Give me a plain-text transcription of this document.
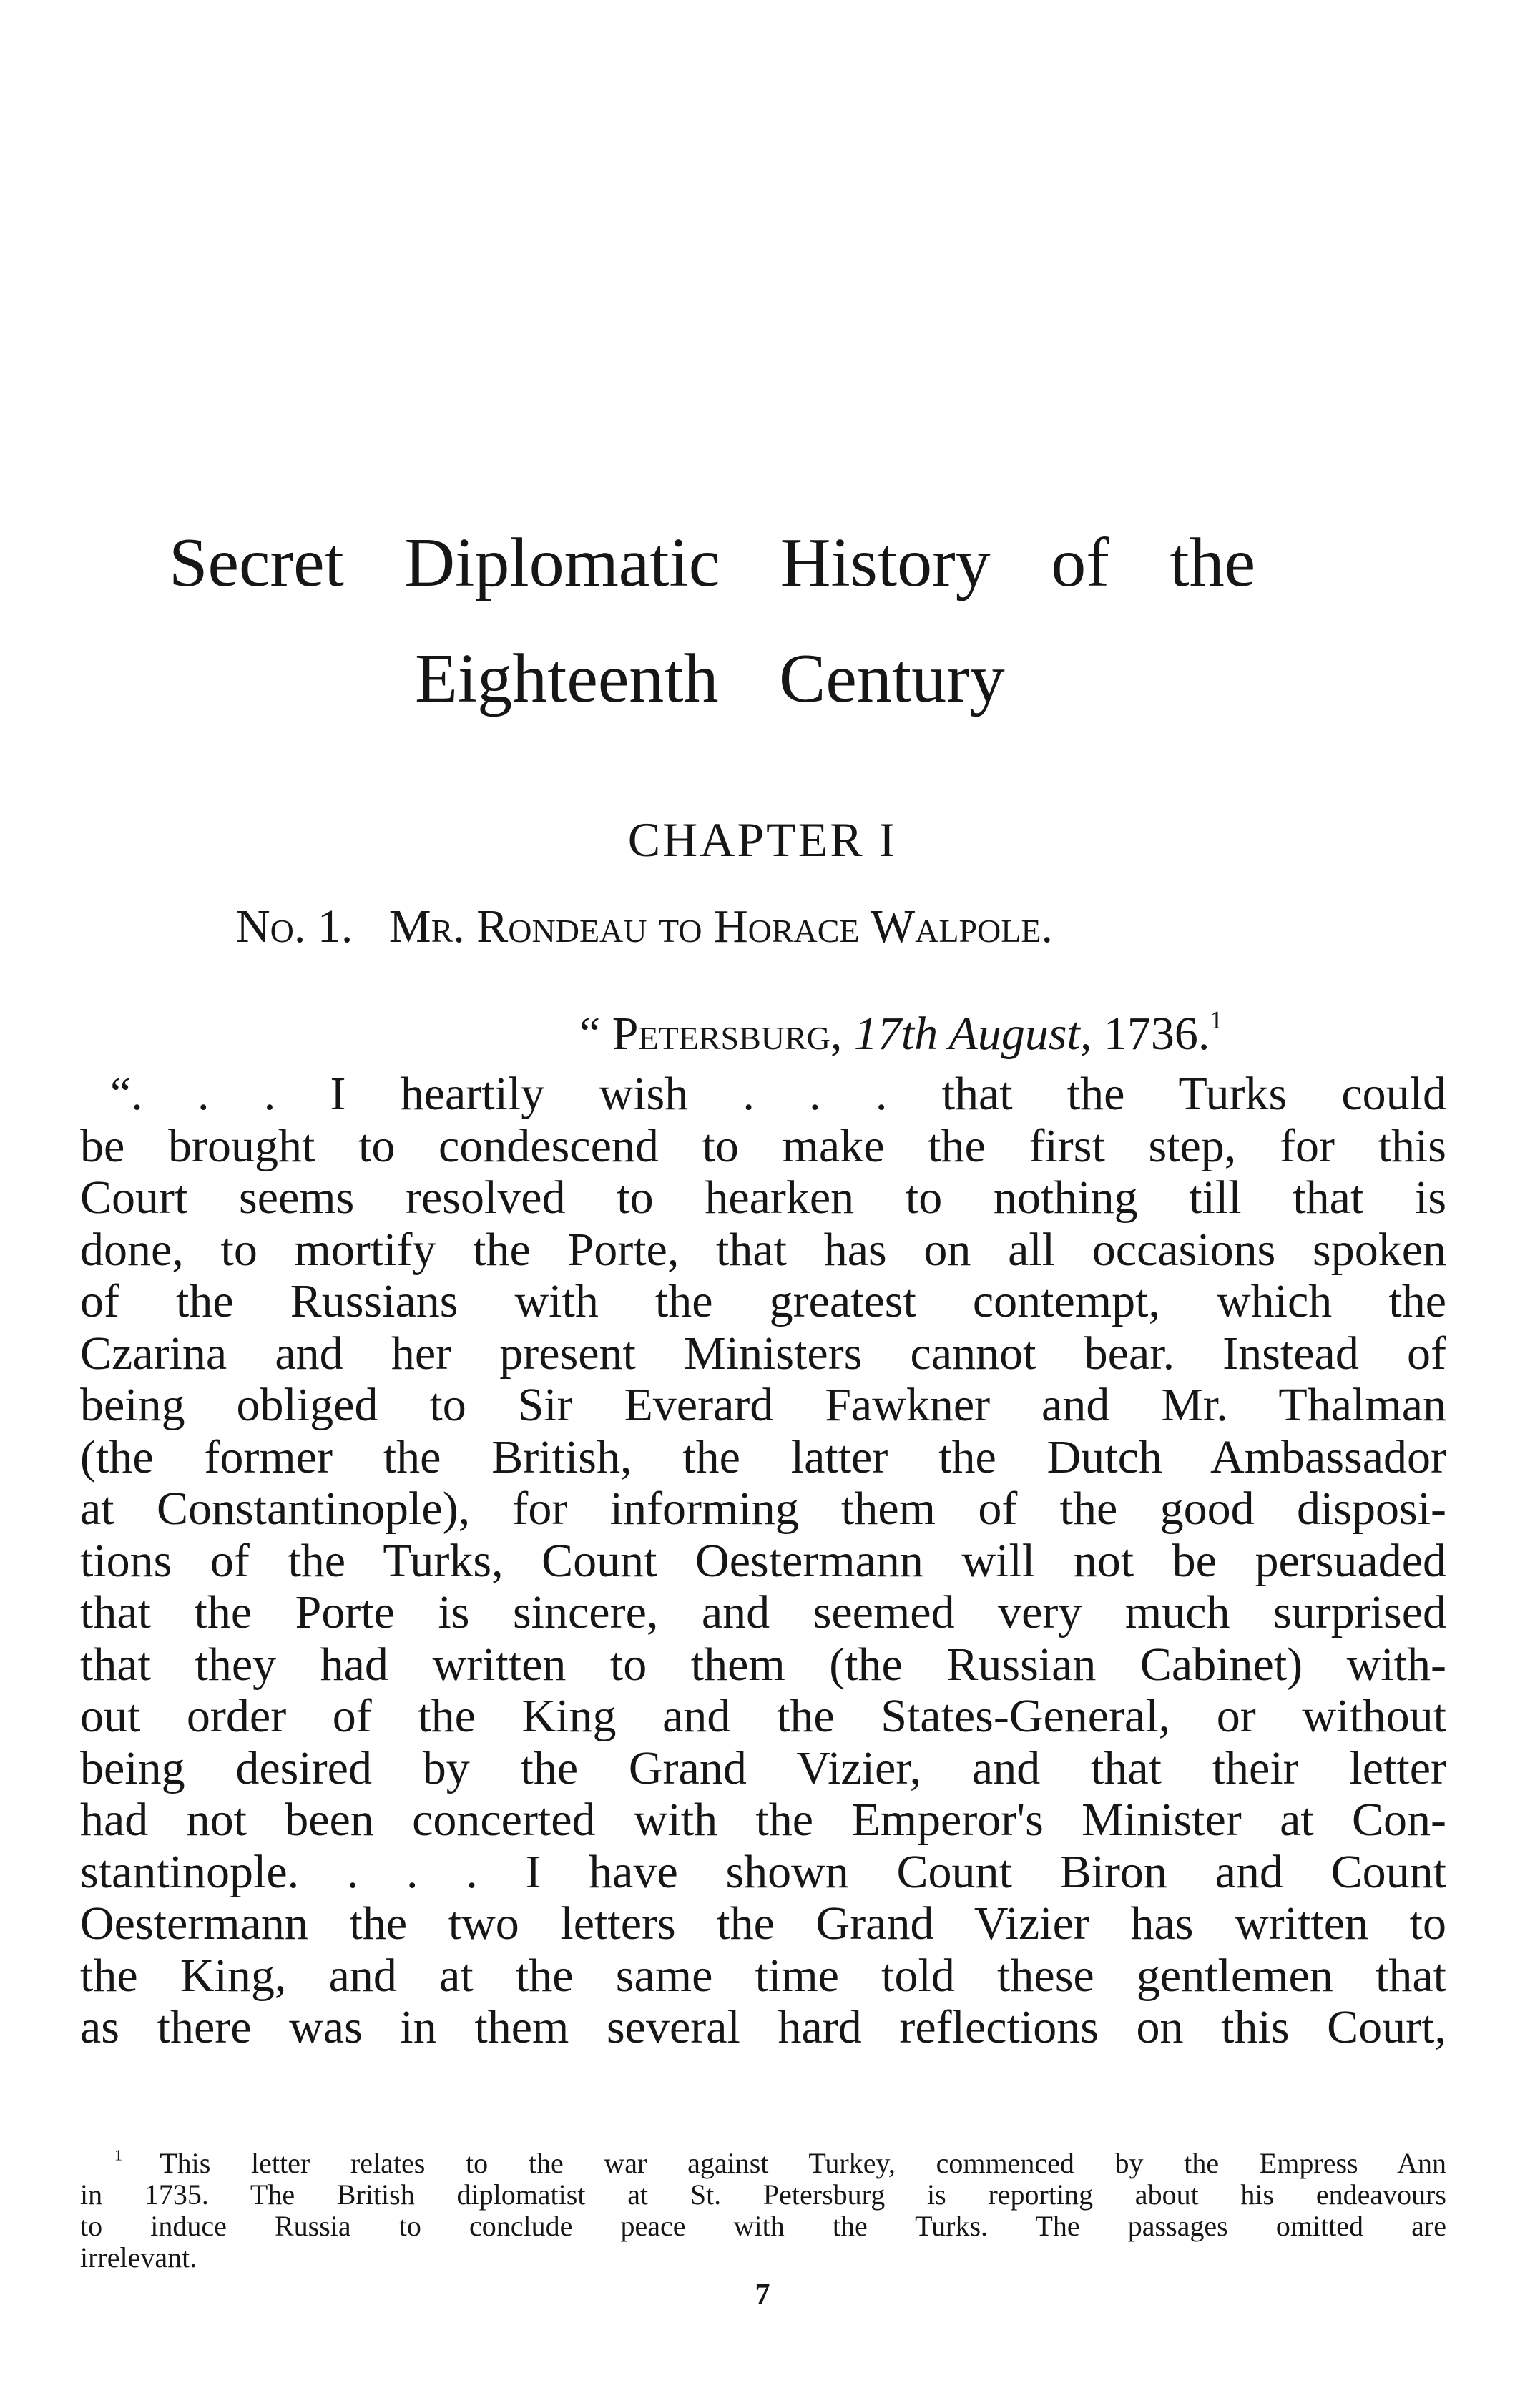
Secret Diplomatic History of the
Eighteenth Century
CHAPTER I
No. 1. Mr. Rondeau to Horace Walpole.
“ Petersburg, 17th August, 1736.$^1$
“. . . I heartily wish . . . that the Turks could
be brought to condescend to make the first step, for this
Court seems resolved to hearken to nothing till that is
done, to mortify the Porte, that has on all occasions spoken
of the Russians with the greatest contempt, which the
Czarina and her present Ministers cannot bear. Instead of
being obliged to Sir Everard Fawkner and Mr. Thalman
(the former the British, the latter the Dutch Ambassador
at Constantinople), for informing them of the good disposi-
tions of the Turks, Count Oestermann will not be persuaded
that the Porte is sincere, and seemed very much surprised
that they had written to them (the Russian Cabinet) with-
out order of the King and the States-General, or without
being desired by the Grand Vizier, and that their letter
had not been concerted with the Emperor's Minister at Con-
stantinople. . . . I have shown Count Biron and Count
Oestermann the two letters the Grand Vizier has written to
the King, and at the same time told these gentlemen that
as there was in them several hard reflections on this Court,
$^1$ This letter relates to the war against Turkey, commenced by the Empress Ann
in 1735. The British diplomatist at St. Petersburg is reporting about his endeavours
to induce Russia to conclude peace with the Turks. The passages omitted are
irrelevant.
7
